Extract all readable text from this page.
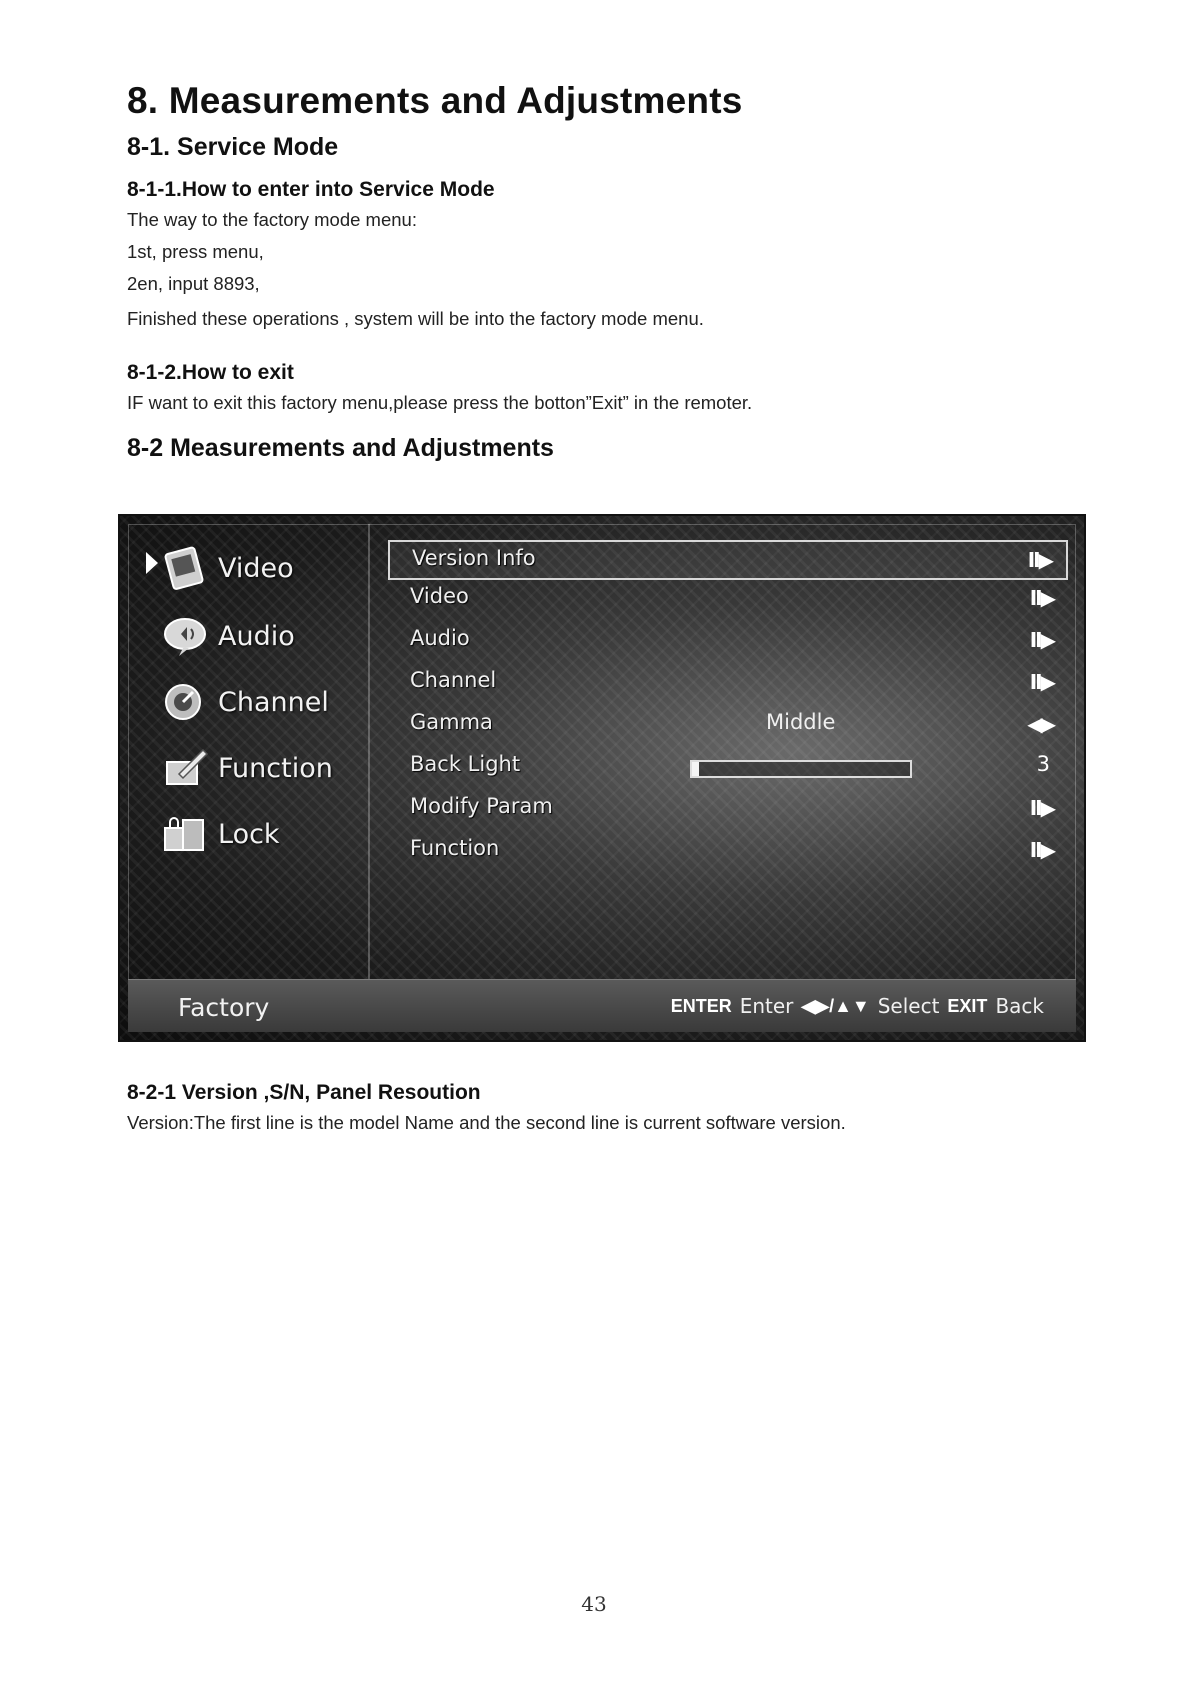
8. Measurements and Adjustments
8-1. Service Mode
8-1-1.How to enter into Service Mode
The way to the factory mode menu:
1st, press menu,
2en, input 8893,
Finished these operations , system will be into the factory mode menu.
8-1-2.How to exit
IF want to exit this factory menu,please press the botton”Exit” in the remoter.
8-2 Measurements and Adjustments
Video
Audio
Channel
Function
Lock
Version Info	II▶
Video	II▶
Audio	II▶
Channel	II▶
Gamma	Middle	◀▶
Back Light	3
Modify Param	II▶
Function	II▶
Factory	ENTER Enter ◀▶/▲▼ Select EXIT Back
8-2-1 Version ,S/N, Panel Resoution
Version:The first line is the model Name and the second line is current software version.
43
